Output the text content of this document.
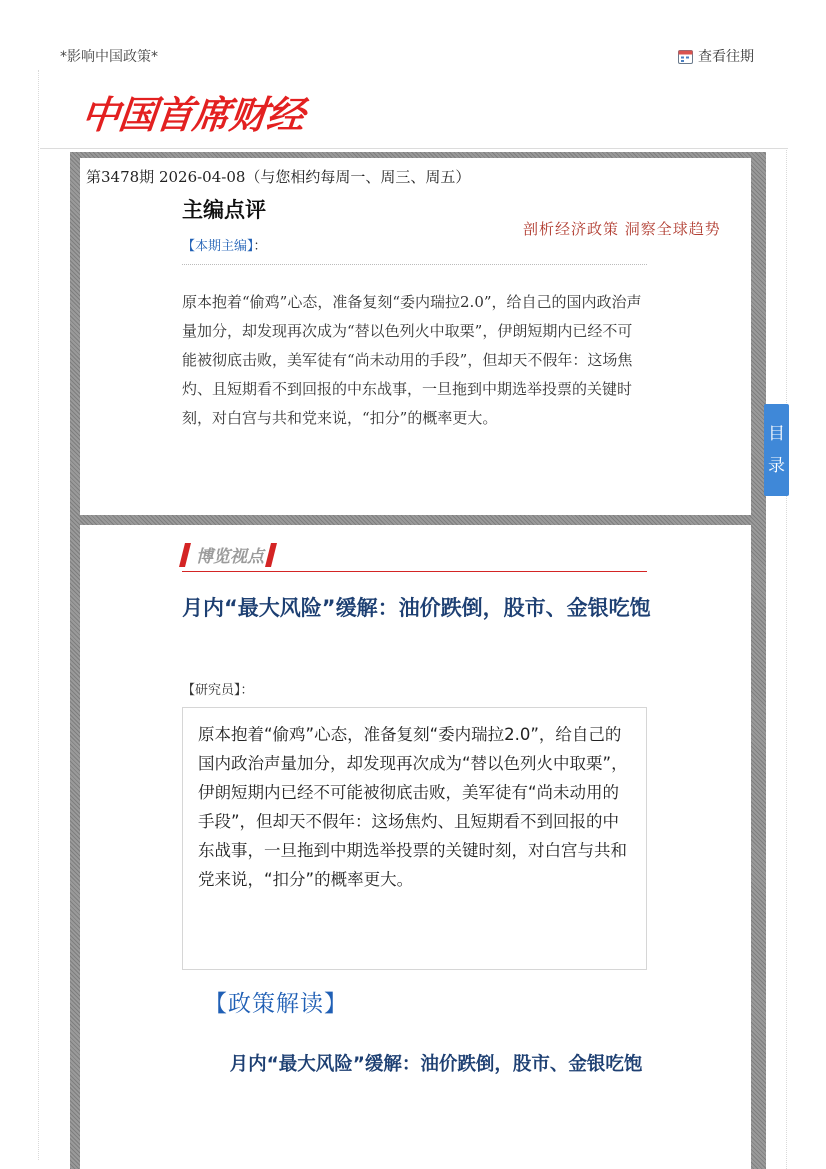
*影响中国政策*	查看往期
中国首席财经
第3478期 2026-04-08（与您相约每周一、周三、周五）
主编点评
剖析经济政策 洞察全球趋势
【本期主编】：

原本抱着“偷鸡”心态，准备复刻“委内瑞拉2.0”，给自己的国内政治声量加分，却发现再次成为“替以色列火中取栗”，伊朗短期内已经不可能被彻底击败，美军徒有“尚未动用的手段”，但却天不假年：这场焦灼、且短期看不到回报的中东战事，一旦拖到中期选举投票的关键时刻，对白宫与共和党来说，“扣分”的概率更大。

目
录
博览视点
月内“最大风险”缓解：油价跌倒，股市、金银吃饱
【研究员】：

原本抱着“偷鸡”心态，准备复刻“委内瑞拉2.0”，给自己的国内政治声量加分，却发现再次成为“替以色列火中取栗”，伊朗短期内已经不可能被彻底击败，美军徒有“尚未动用的手段”，但却天不假年：这场焦灼、且短期看不到回报的中东战事，一旦拖到中期选举投票的关键时刻，对白宫与共和党来说，“扣分”的概率更大。

【政策解读】

月内“最大风险”缓解：油价跌倒，股市、金银吃饱
